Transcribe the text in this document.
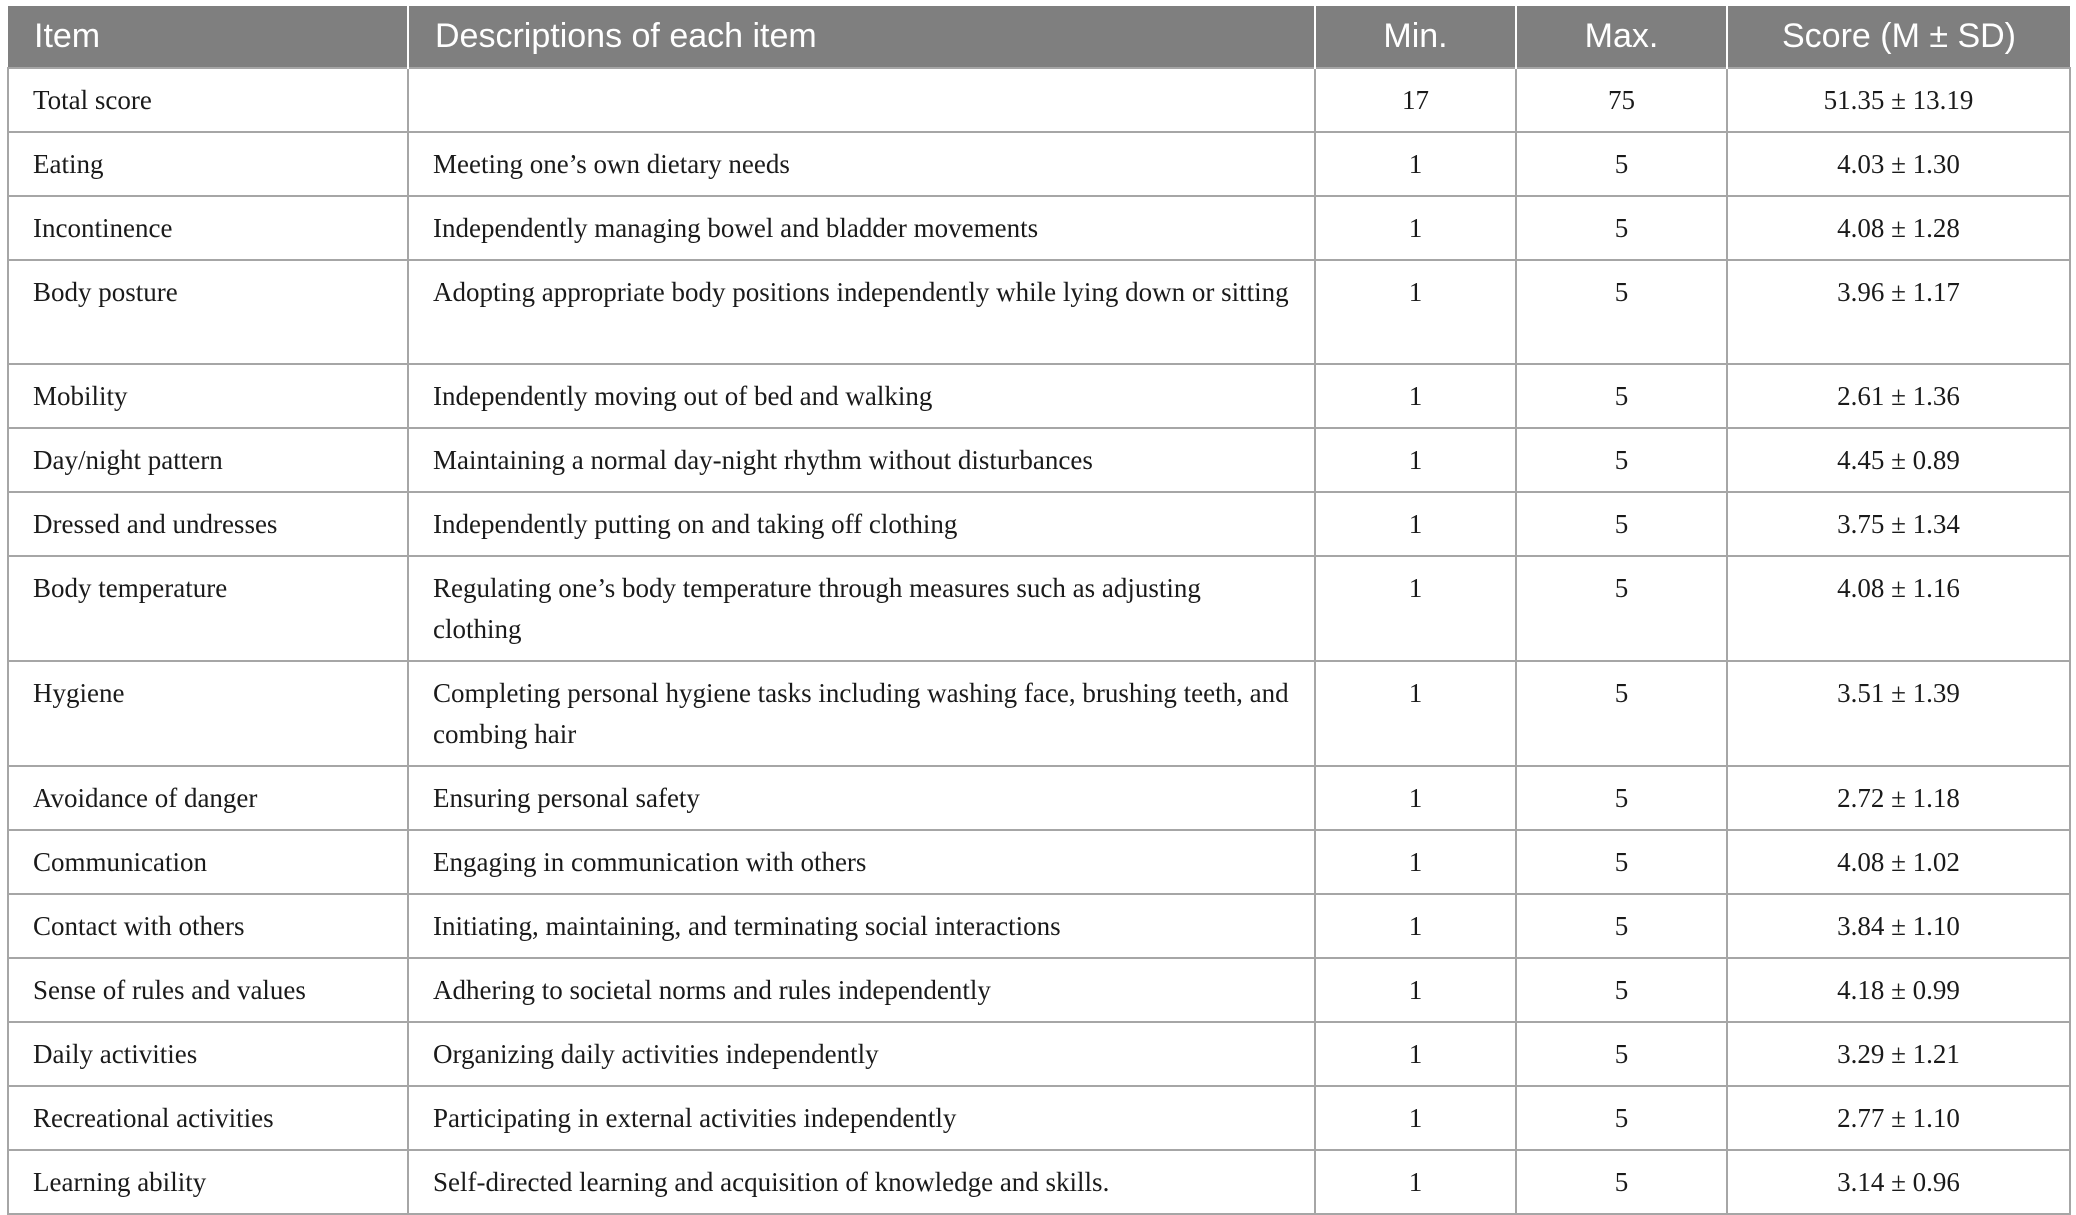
Item	Descriptions of each item	Min.	Max.	Score (M ± SD)
Total score		17	75	51.35 ± 13.19
Eating	Meeting one’s own dietary needs	1	5	4.03 ± 1.30
Incontinence	Independently managing bowel and bladder movements	1	5	4.08 ± 1.28
Body posture	Adopting appropriate body positions independently while lying down or sitting	1	5	3.96 ± 1.17
Mobility	Independently moving out of bed and walking	1	5	2.61 ± 1.36
Day/night pattern	Maintaining a normal day-night rhythm without disturbances	1	5	4.45 ± 0.89
Dressed and undresses	Independently putting on and taking off clothing	1	5	3.75 ± 1.34
Body temperature	Regulating one’s body temperature through measures such as adjusting clothing	1	5	4.08 ± 1.16
Hygiene	Completing personal hygiene tasks including washing face, brushing teeth, and combing hair	1	5	3.51 ± 1.39
Avoidance of danger	Ensuring personal safety	1	5	2.72 ± 1.18
Communication	Engaging in communication with others	1	5	4.08 ± 1.02
Contact with others	Initiating, maintaining, and terminating social interactions	1	5	3.84 ± 1.10
Sense of rules and values	Adhering to societal norms and rules independently	1	5	4.18 ± 0.99
Daily activities	Organizing daily activities independently	1	5	3.29 ± 1.21
Recreational activities	Participating in external activities independently	1	5	2.77 ± 1.10
Learning ability	Self-directed learning and acquisition of knowledge and skills.	1	5	3.14 ± 0.96
